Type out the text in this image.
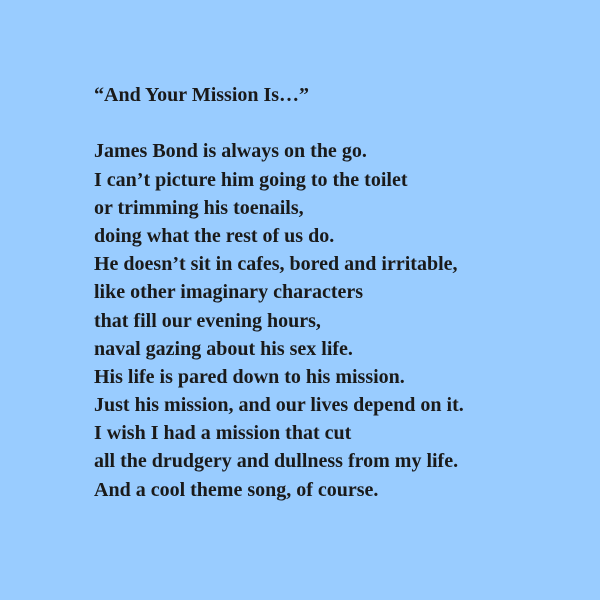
“And Your Mission Is…”
James Bond is always on the go.
I can’t picture him going to the toilet
or trimming his toenails,
doing what the rest of us do.
He doesn’t sit in cafes, bored and irritable,
like other imaginary characters
that fill our evening hours,
naval gazing about his sex life.
His life is pared down to his mission.
Just his mission, and our lives depend on it.
I wish I had a mission that cut
all the drudgery and dullness from my life.
And a cool theme song, of course.
